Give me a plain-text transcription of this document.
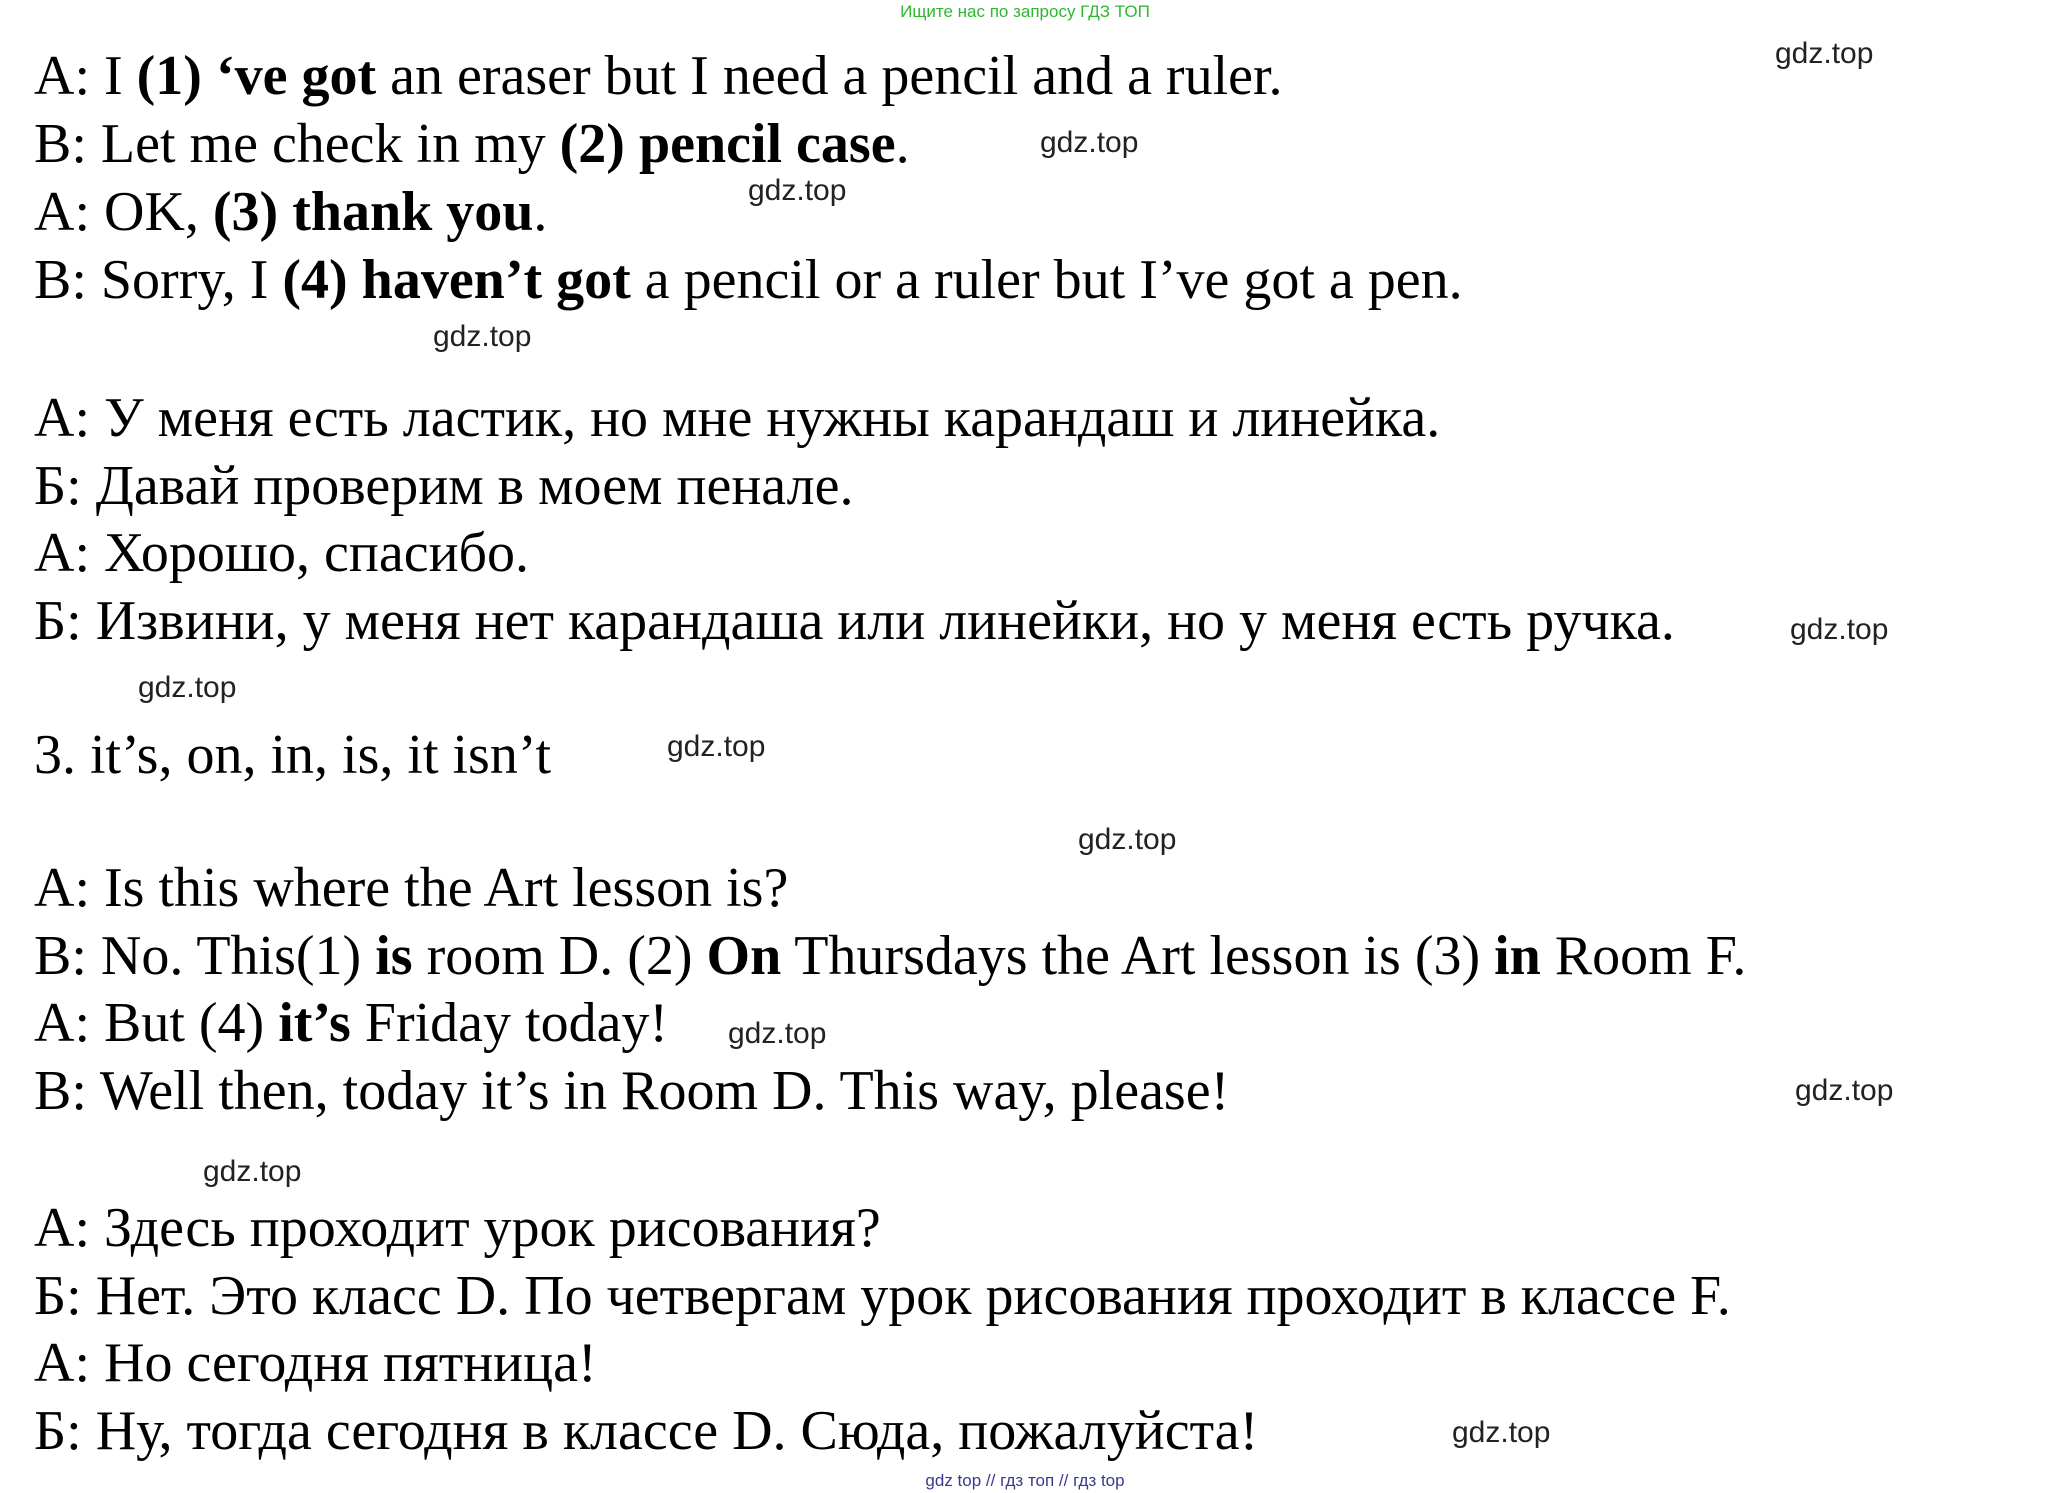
Ищите нас по запросу ГДЗ ТОП
A: I (1) ‘ve got an eraser but I need a pencil and a ruler.
B: Let me check in my (2) pencil case.
A: OK, (3) thank you.
B: Sorry, I (4) haven’t got a pencil or a ruler but I’ve got a pen.
А: У меня есть ластик, но мне нужны карандаш и линейка.
Б: Давай проверим в моем пенале.
А: Хорошо, спасибо.
Б: Извини, у меня нет карандаша или линейки, но у меня есть ручка.
3. it’s, on, in, is, it isn’t
A: Is this where the Art lesson is?
B: No. This(1) is room D. (2) On Thursdays the Art lesson is (3) in Room F.
A: But (4) it’s Friday today!
B: Well then, today it’s in Room D. This way, please!
А: Здесь проходит урок рисования?
Б: Нет. Это класс D. По четвергам урок рисования проходит в классе F.
А: Но сегодня пятница!
Б: Ну, тогда сегодня в классе D. Сюда, пожалуйста!
gdz.top
gdz.top
gdz.top
gdz.top
gdz.top
gdz.top
gdz.top
gdz.top
gdz.top
gdz.top
gdz.top
gdz.top
gdz top // гдз топ // гдз top
